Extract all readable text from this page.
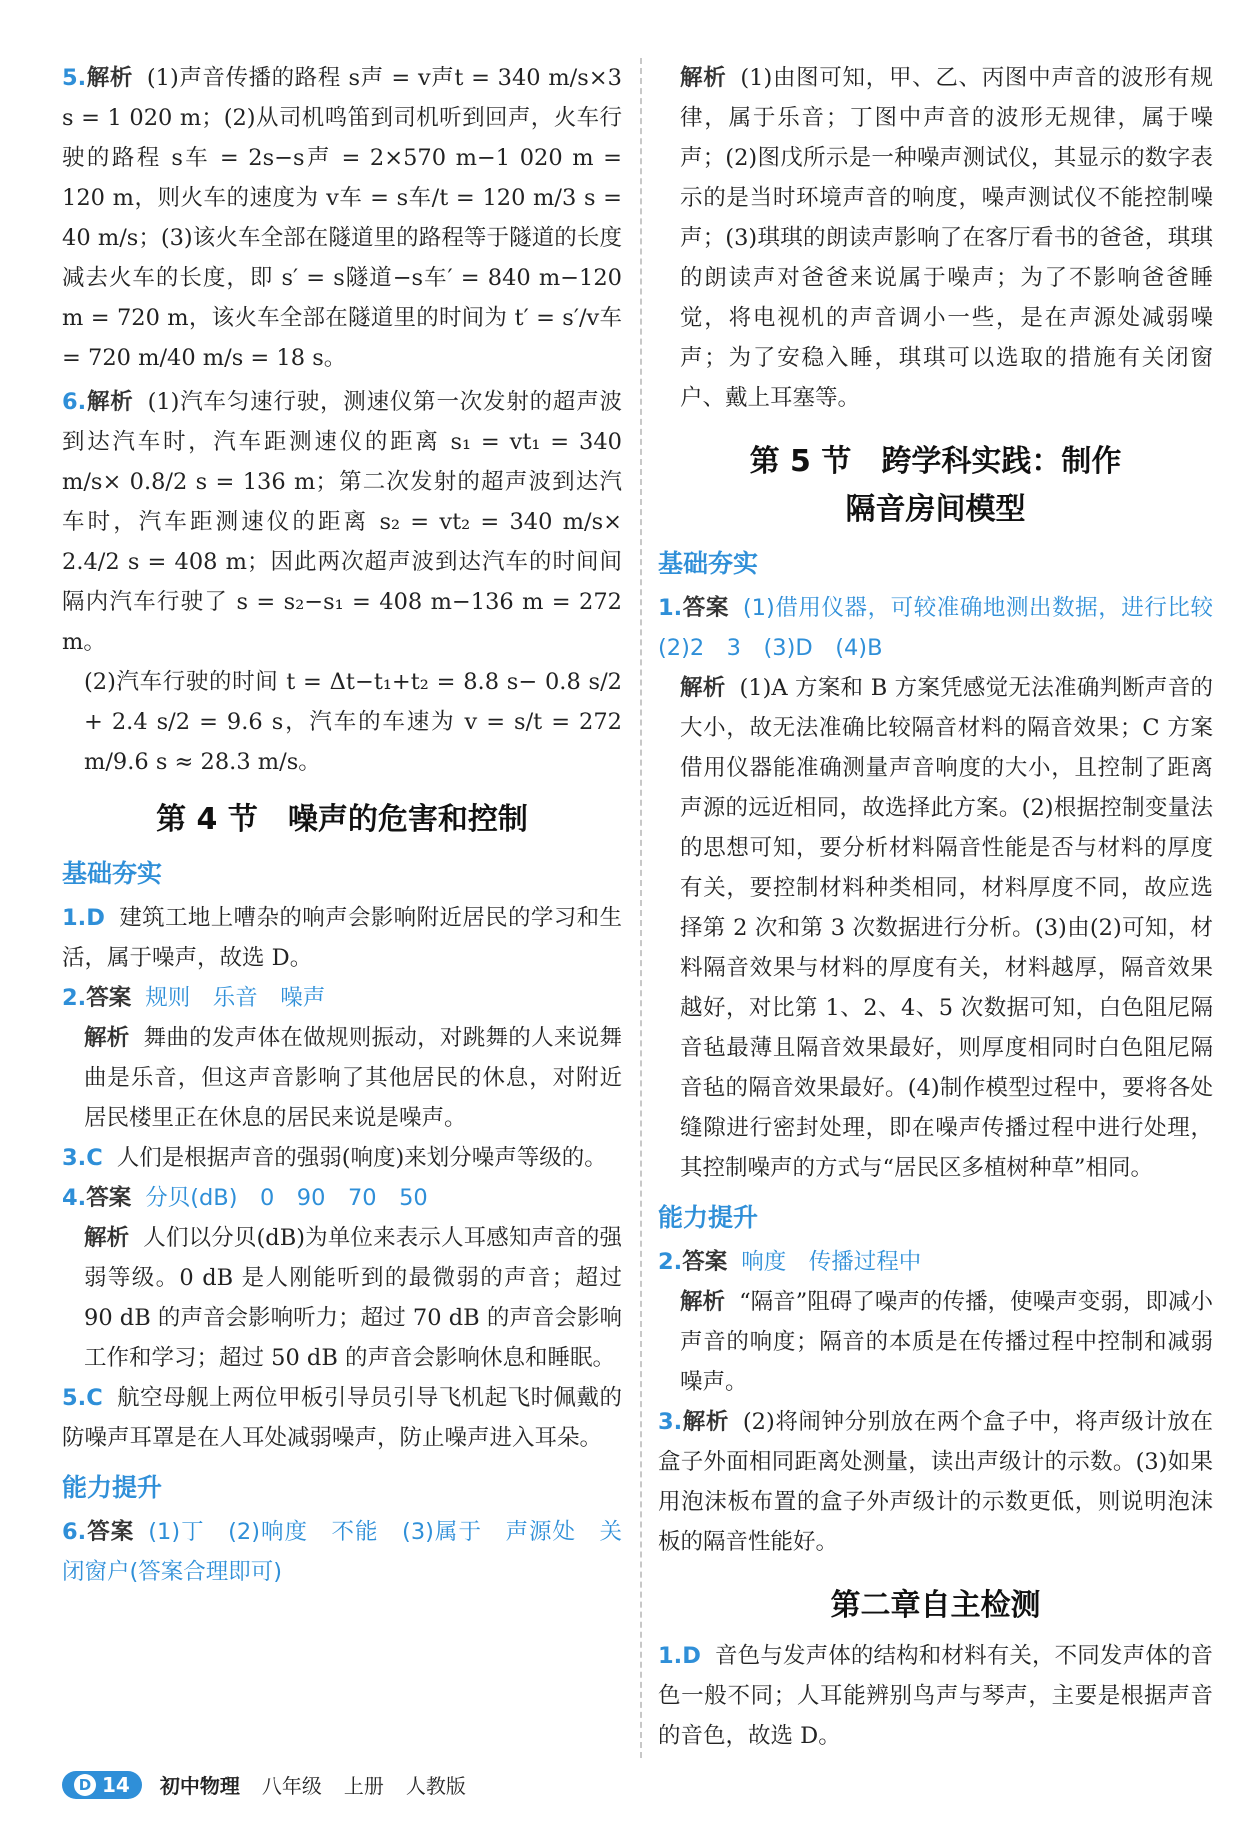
5.解析 (1)声音传播的路程 s声 = v声t = 340 m/s×3 s = 1 020 m；(2)从司机鸣笛到司机听到回声，火车行驶的路程 s车 = 2s−s声 = 2×570 m−1 020 m = 120 m，则火车的速度为 v车 = s车/t = 120 m/3 s = 40 m/s；(3)该火车全部在隧道里的路程等于隧道的长度减去火车的长度，即 s′ = s隧道−s车′ = 840 m−120 m = 720 m，该火车全部在隧道里的时间为 t′ = s′/v车 = 720 m/40 m/s = 18 s。

6.解析 (1)汽车匀速行驶，测速仪第一次发射的超声波到达汽车时，汽车距测速仪的距离 s₁ = vt₁ = 340 m/s× 0.8/2 s = 136 m；第二次发射的超声波到达汽车时，汽车距测速仪的距离 s₂ = vt₂ = 340 m/s× 2.4/2 s = 408 m；因此两次超声波到达汽车的时间间隔内汽车行驶了 s = s₂−s₁ = 408 m−136 m = 272 m。

(2)汽车行驶的时间 t = Δt−t₁+t₂ = 8.8 s− 0.8 s/2 + 2.4 s/2 = 9.6 s，汽车的车速为 v = s/t = 272 m/9.6 s ≈ 28.3 m/s。

第 4 节　噪声的危害和控制
基础夯实

1.D 建筑工地上嘈杂的响声会影响附近居民的学习和生活，属于噪声，故选 D。

2.答案 规则　乐音　噪声

解析 舞曲的发声体在做规则振动，对跳舞的人来说舞曲是乐音，但这声音影响了其他居民的休息，对附近居民楼里正在休息的居民来说是噪声。

3.C 人们是根据声音的强弱(响度)来划分噪声等级的。

4.答案 分贝(dB)　0　90　70　50

解析 人们以分贝(dB)为单位来表示人耳感知声音的强弱等级。0 dB 是人刚能听到的最微弱的声音；超过 90 dB 的声音会影响听力；超过 70 dB 的声音会影响工作和学习；超过 50 dB 的声音会影响休息和睡眠。

5.C 航空母舰上两位甲板引导员引导飞机起飞时佩戴的防噪声耳罩是在人耳处减弱噪声，防止噪声进入耳朵。

能力提升

6.答案 (1)丁　(2)响度　不能　(3)属于　声源处　关闭窗户(答案合理即可)

解析 (1)由图可知，甲、乙、丙图中声音的波形有规律，属于乐音；丁图中声音的波形无规律，属于噪声；(2)图戊所示是一种噪声测试仪，其显示的数字表示的是当时环境声音的响度，噪声测试仪不能控制噪声；(3)琪琪的朗读声影响了在客厅看书的爸爸，琪琪的朗读声对爸爸来说属于噪声；为了不影响爸爸睡觉，将电视机的声音调小一些，是在声源处减弱噪声；为了安稳入睡，琪琪可以选取的措施有关闭窗户、戴上耳塞等。

第 5 节　跨学科实践：制作
隔音房间模型
基础夯实

1.答案 (1)借用仪器，可较准确地测出数据，进行比较　(2)2　3　(3)D　(4)B

解析 (1)A 方案和 B 方案凭感觉无法准确判断声音的大小，故无法准确比较隔音材料的隔音效果；C 方案借用仪器能准确测量声音响度的大小，且控制了距离声源的远近相同，故选择此方案。(2)根据控制变量法的思想可知，要分析材料隔音性能是否与材料的厚度有关，要控制材料种类相同，材料厚度不同，故应选择第 2 次和第 3 次数据进行分析。(3)由(2)可知，材料隔音效果与材料的厚度有关，材料越厚，隔音效果越好，对比第 1、2、4、5 次数据可知，白色阻尼隔音毡最薄且隔音效果最好，则厚度相同时白色阻尼隔音毡的隔音效果最好。(4)制作模型过程中，要将各处缝隙进行密封处理，即在噪声传播过程中进行处理，其控制噪声的方式与“居民区多植树种草”相同。

能力提升

2.答案 响度　传播过程中

解析 “隔音”阻碍了噪声的传播，使噪声变弱，即减小声音的响度；隔音的本质是在传播过程中控制和减弱噪声。

3.解析 (2)将闹钟分别放在两个盒子中，将声级计放在盒子外面相同距离处测量，读出声级计的示数。(3)如果用泡沫板布置的盒子外声级计的示数更低，则说明泡沫板的隔音性能好。

第二章自主检测

1.D 音色与发声体的结构和材料有关，不同发声体的音色一般不同；人耳能辨别鸟声与琴声，主要是根据声音的音色，故选 D。

D 14 初中物理 八年级 上册 人教版
